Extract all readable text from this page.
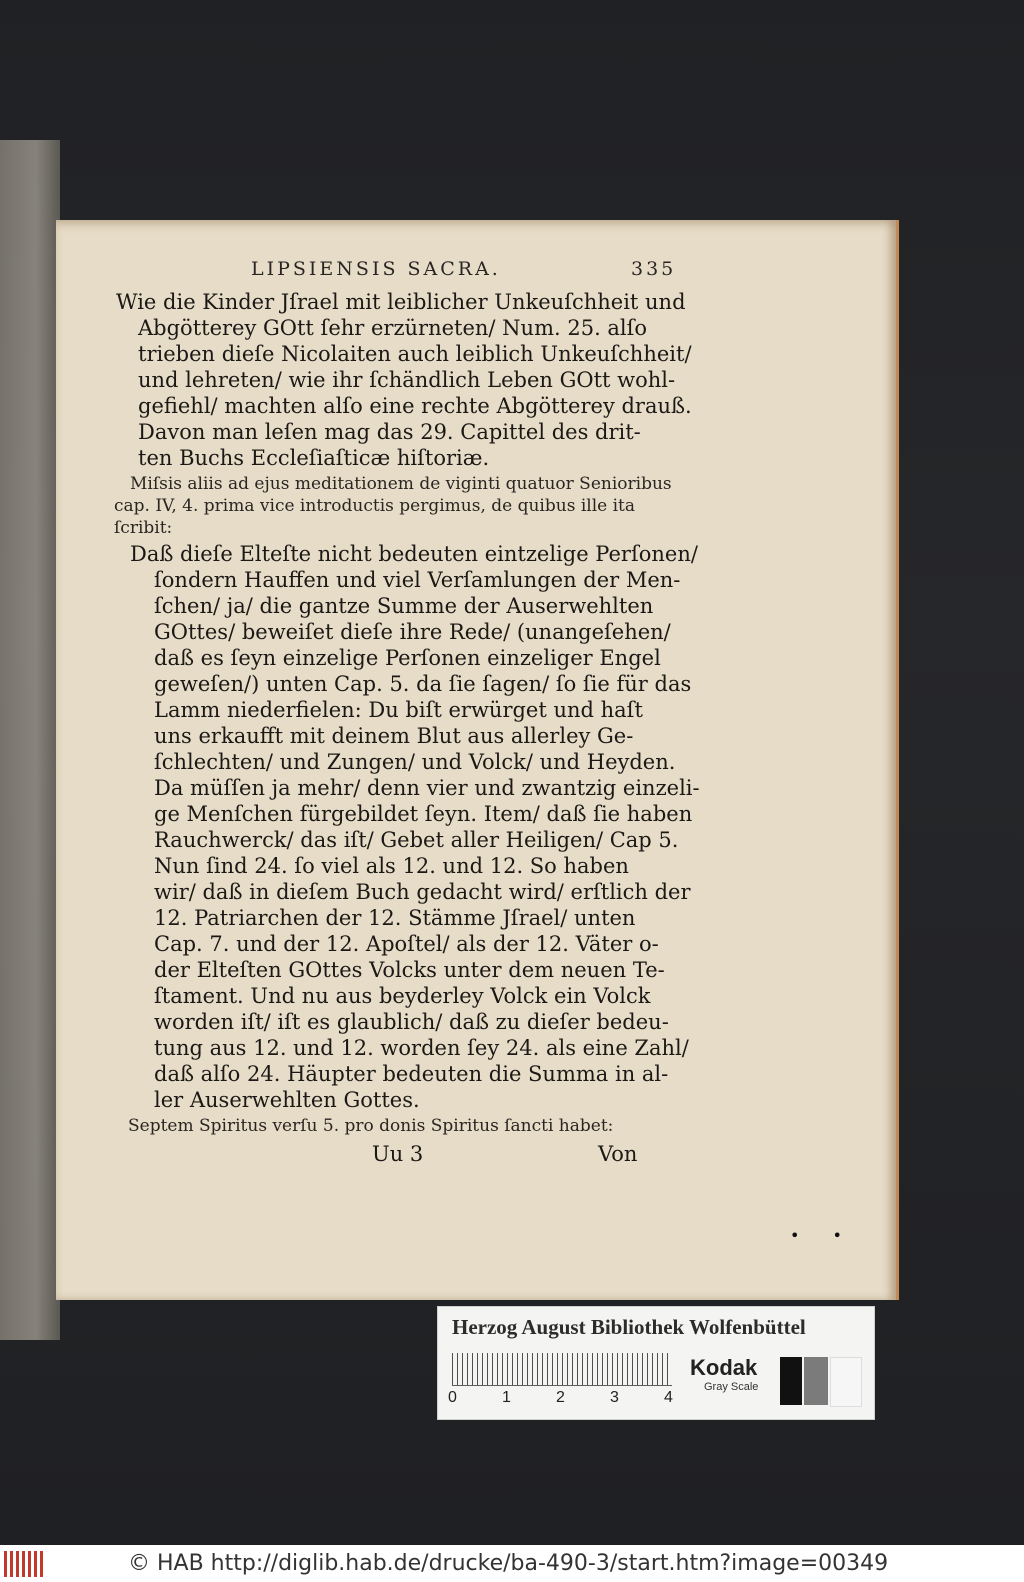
LIPSIENSIS SACRA.	335
Wie die Kinder Jſrael mit leiblicher Unkeuſchheit und
Abgötterey GOtt ſehr erzürneten/ Num. 25. alſo
trieben dieſe Nicolaiten auch leiblich Unkeuſchheit/
und lehreten/ wie ihr ſchändlich Leben GOtt wohl-
gefiehl/ machten alſo eine rechte Abgötterey drauß.
Davon man leſen mag das 29. Capittel des drit-
ten Buchs Eccleſiaſticæ hiſtoriæ.
Miſsis aliis ad ejus meditationem de viginti quatuor Senioribus
cap. IV, 4. prima vice introductis pergimus, de quibus ille ita
ſcribit:
Daß dieſe Elteſte nicht bedeuten eintzelige Perſonen/
ſondern Hauffen und viel Verſamlungen der Men-
ſchen/ ja/ die gantze Summe der Auserwehlten
GOttes/ beweiſet dieſe ihre Rede/ (unangeſehen/
daß es ſeyn einzelige Perſonen einzeliger Engel
geweſen/) unten Cap. 5. da ſie ſagen/ ſo ſie für das
Lamm niederfielen: Du biſt erwürget und haſt
uns erkaufft mit deinem Blut aus allerley Ge-
ſchlechten/ und Zungen/ und Volck/ und Heyden.
Da müſſen ja mehr/ denn vier und zwantzig einzeli-
ge Menſchen fürgebildet ſeyn. Item/ daß ſie haben
Rauchwerck/ das iſt/ Gebet aller Heiligen/ Cap 5.
Nun ſind 24. ſo viel als 12. und 12. So haben
wir/ daß in dieſem Buch gedacht wird/ erſtlich der
12. Patriarchen der 12. Stämme Jſrael/ unten
Cap. 7. und der 12. Apoſtel/ als der 12. Väter o-
der Elteſten GOttes Volcks unter dem neuen Te-
ſtament. Und nu aus beyderley Volck ein Volck
worden iſt/ iſt es glaublich/ daß zu dieſer bedeu-
tung aus 12. und 12. worden ſey 24. als eine Zahl/
daß alſo 24. Häupter bedeuten die Summa in al-
ler Auserwehlten Gottes.
Septem Spiritus verſu 5. pro donis Spiritus ſancti habet:
Uu 3	Von
• •
Herzog August Bibliothek Wolfenbüttel
0	1	2	3	4
Kodak
Gray Scale
© HAB http://diglib.hab.de/drucke/ba-490-3/start.htm?image=00349
